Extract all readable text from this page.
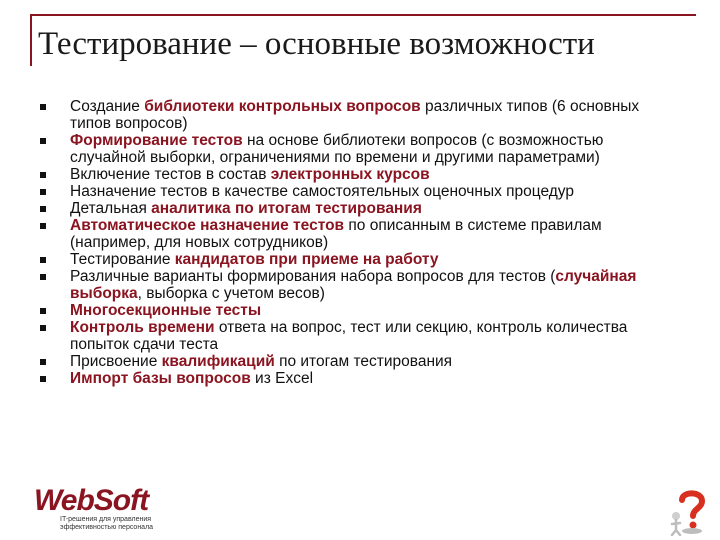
Тестирование – основные возможности
Создание библиотеки контрольных вопросов различных типов (6 основных типов вопросов)
Формирование тестов на основе библиотеки вопросов (с возможностью случайной выборки, ограничениями по времени и другими параметрами)
Включение тестов в состав электронных курсов
Назначение тестов в качестве самостоятельных оценочных процедур
Детальная аналитика по итогам тестирования
Автоматическое назначение тестов по описанным в системе правилам (например, для новых сотрудников)
Тестирование кандидатов при приеме на работу
Различные варианты формирования набора вопросов для тестов (случайная выборка, выборка с учетом весов)
Многосекционные тесты
Контроль времени ответа на вопрос, тест или секцию, контроль количества попыток сдачи теста
Присвоение квалификаций по итогам тестирования
Импорт базы вопросов из Excel
WebSoft
IT-решения для управления эффективностью персонала
